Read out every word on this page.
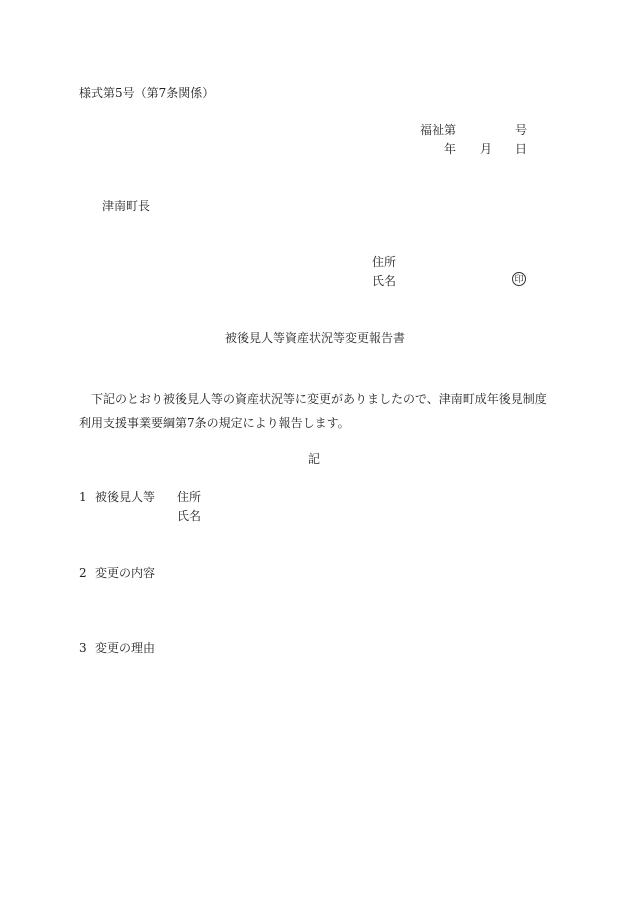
様式第5号（第7条関係）
福祉第	号
年 月 日
津南町長
住所
氏名	印
被後見人等資産状況等変更報告書
下記のとおり被後見人等の資産状況等に変更がありましたので、津南町成年後見制度利用支援事業要綱第7条の規定により報告します。
記
1 被後見人等 住所
氏名
2 変更の内容
3 変更の理由
